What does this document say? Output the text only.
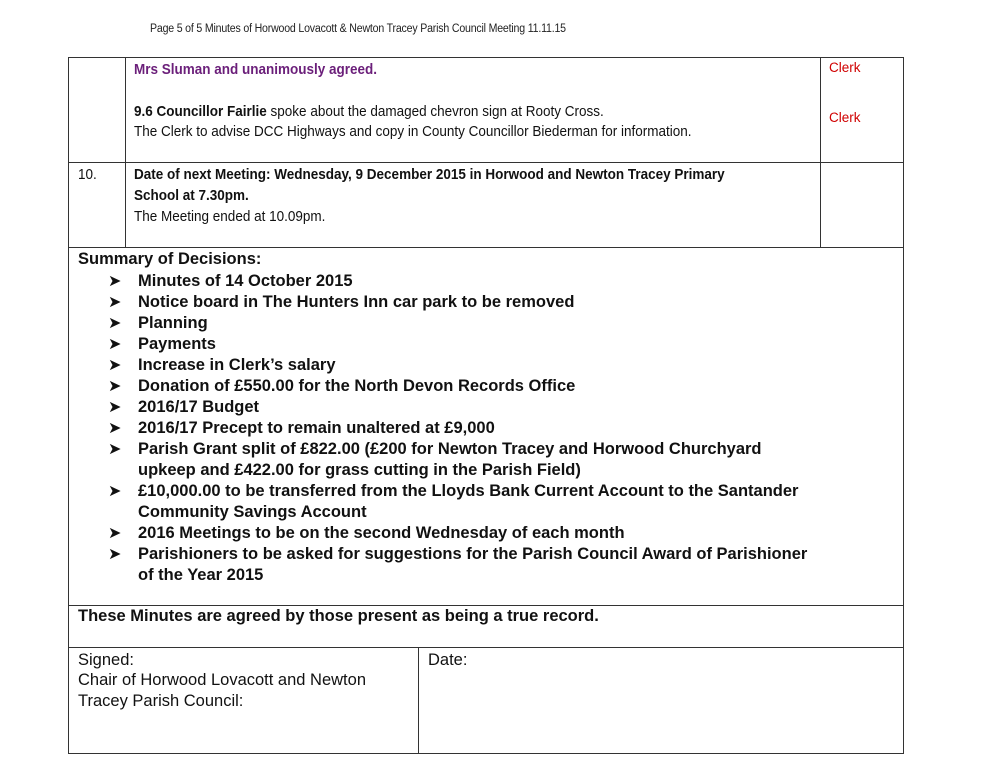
Page 5 of 5 Minutes of Horwood Lovacott & Newton Tracey Parish Council Meeting 11.11.15
Mrs Sluman and unanimously agreed.	Clerk
9.6 Councillor Fairlie spoke about the damaged chevron sign at Rooty Cross.
The Clerk to advise DCC Highways and copy in County Councillor Biederman for information.
Clerk
10. Date of next Meeting: Wednesday, 9 December 2015 in Horwood and Newton Tracey Primary
School at 7.30pm.
The Meeting ended at 10.09pm.
Summary of Decisions:
➤ Minutes of 14 October 2015
➤ Notice board in The Hunters Inn car park to be removed
➤ Planning
➤ Payments
➤ Increase in Clerk’s salary
➤ Donation of £550.00 for the North Devon Records Office
➤ 2016/17 Budget
➤ 2016/17 Precept to remain unaltered at £9,000
➤ Parish Grant split of £822.00 (£200 for Newton Tracey and Horwood Churchyard
upkeep and £422.00 for grass cutting in the Parish Field)
➤ £10,000.00 to be transferred from the Lloyds Bank Current Account to the Santander
Community Savings Account
➤ 2016 Meetings to be on the second Wednesday of each month
➤ Parishioners to be asked for suggestions for the Parish Council Award of Parishioner
of the Year 2015
These Minutes are agreed by those present as being a true record.
Signed:
Chair of Horwood Lovacott and Newton
Tracey Parish Council:
Date:
